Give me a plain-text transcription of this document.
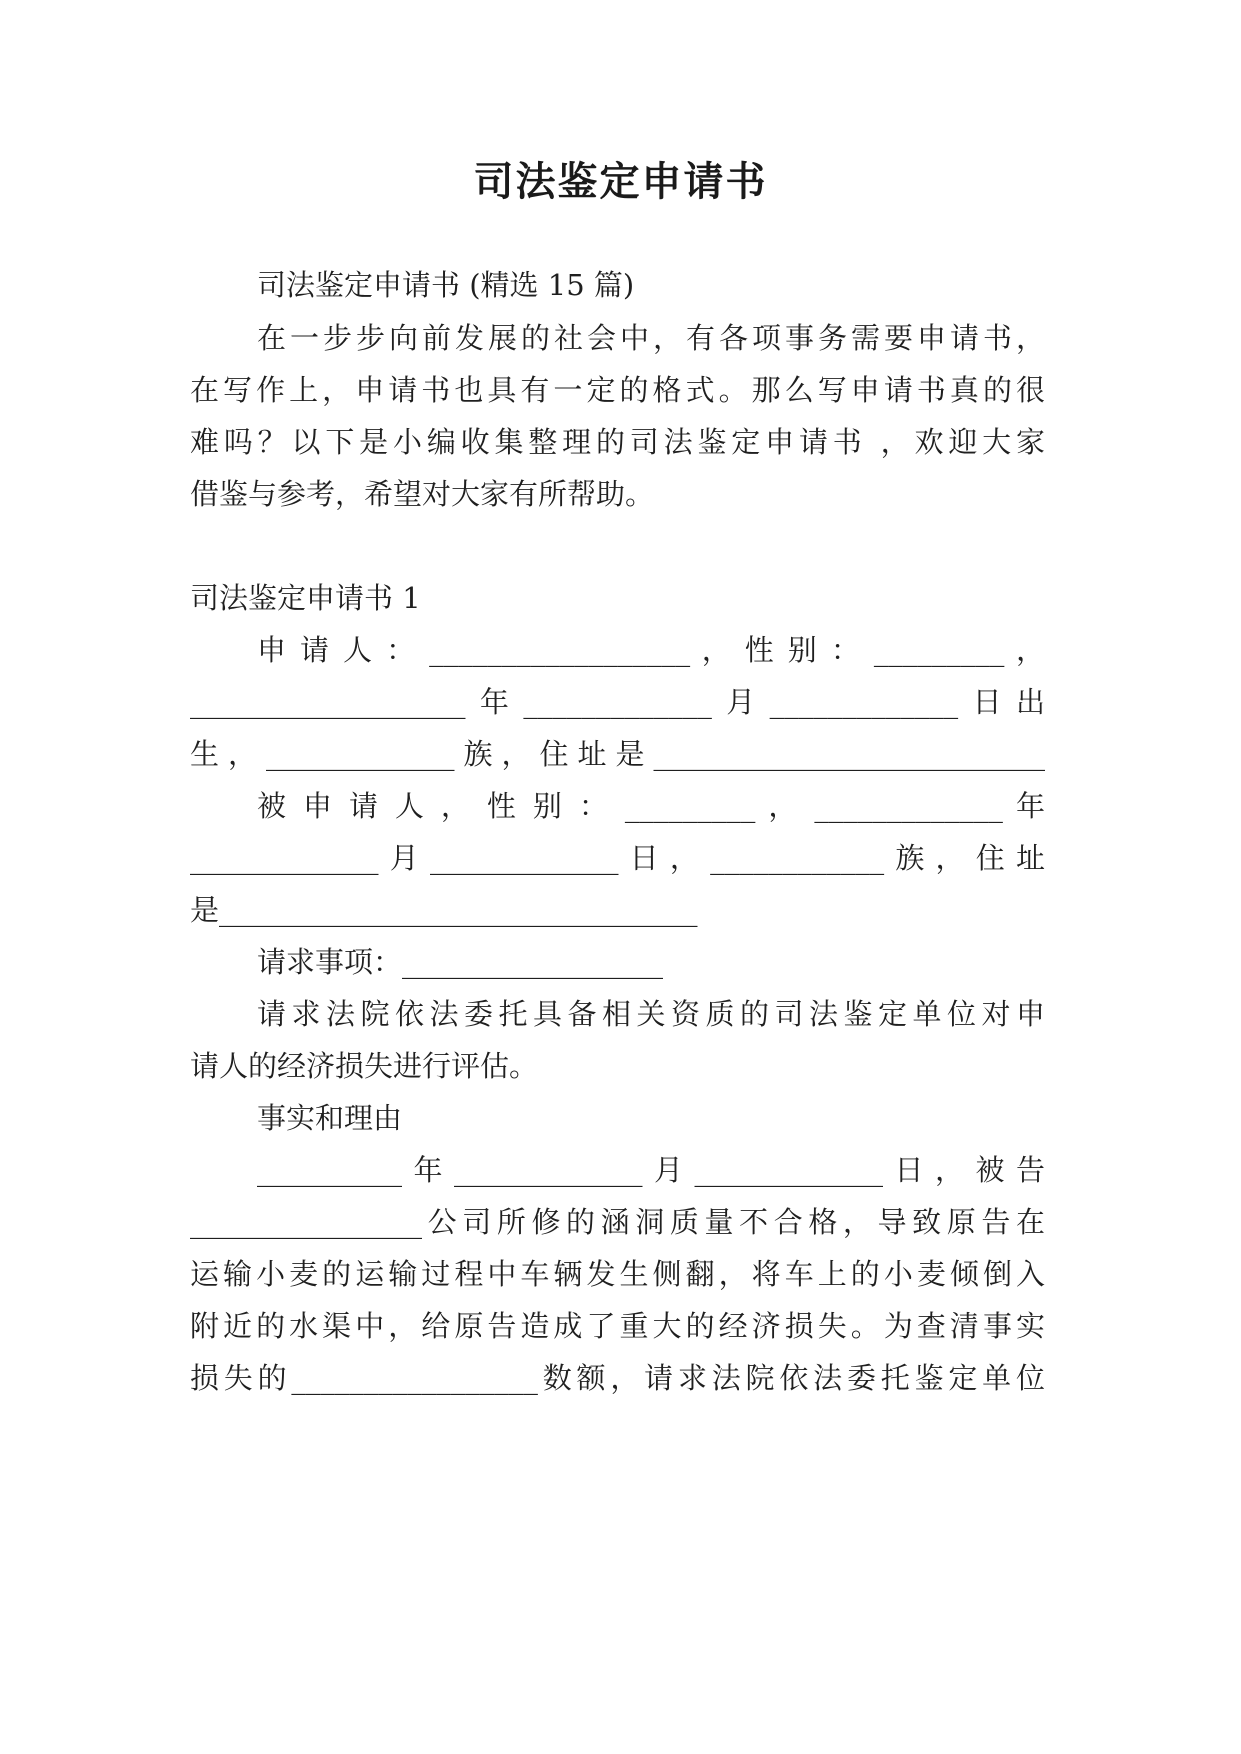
司法鉴定申请书

司法鉴定申请书 (精选 15 篇)

在一步步向前发展的社会中，有各项事务需要申请书，

在写作上，申请书也具有一定的格式。那么写申请书真的很

难吗？以下是小编收集整理的司法鉴定申请书 ，欢迎大家

借鉴与参考，希望对大家有所帮助。

司法鉴定申请书 1

申 请 人 ： __________________ ， 性 别 ： _________ ，

___________________年_____________月_____________日出

生，_____________族，住址是___________________________

被 申 请 人 ， 性 别 ： _________ ， _____________ 年

_____________月_____________日，____________族，住址

是_________________________________

请求事项：__________________

请求法院依法委托具备相关资质的司法鉴定单位对申

请人的经济损失进行评估。

事实和理由

__________年_____________月_____________日，被告

________________公司所修的涵洞质量不合格，导致原告在

运输小麦的运输过程中车辆发生侧翻，将车上的小麦倾倒入

附近的水渠中，给原告造成了重大的经济损失。为查清事实

损失的_________________数额，请求法院依法委托鉴定单位
